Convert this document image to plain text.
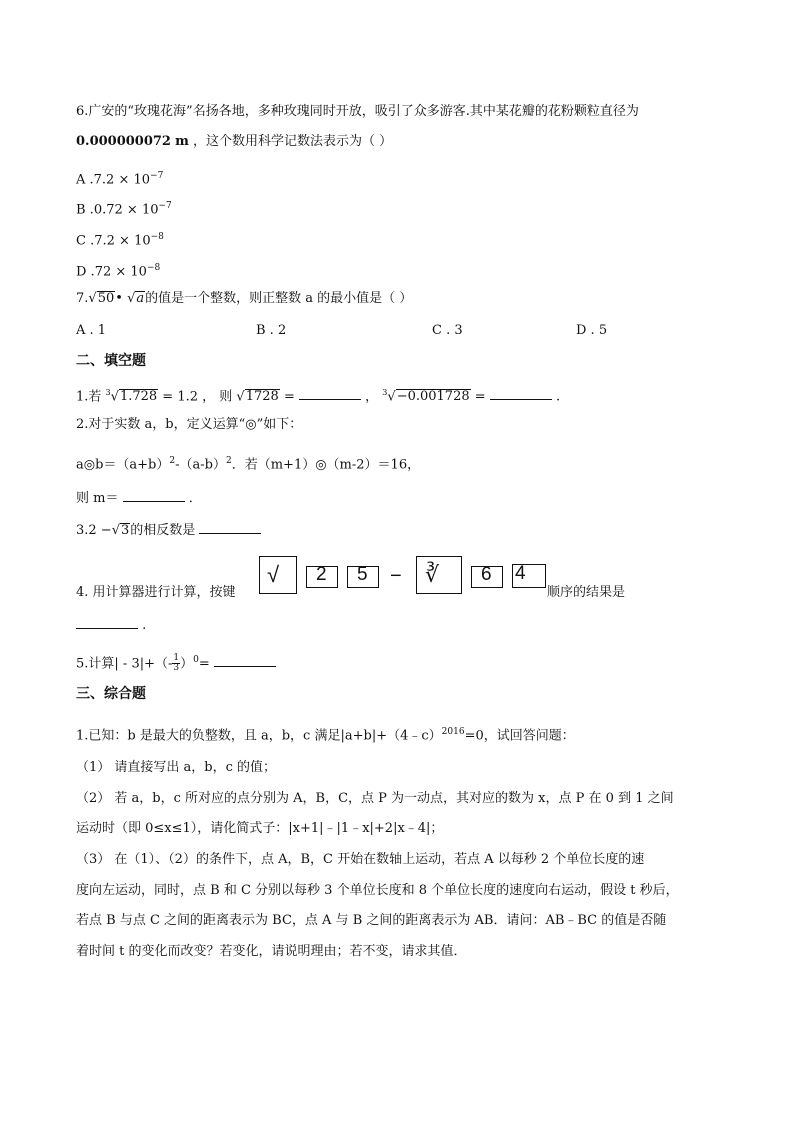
6.广安的“玫瑰花海”名扬各地，多种玫瑰同时开放，吸引了众多游客.其中某花瓣的花粉颗粒直径为
0.000000072 m ，这个数用科学记数法表示为（ ）
A $.7.2 \times 10^{-7}$
B $.0.72 \times 10^{-7}$
C $.7.2 \times 10^{-8}$
D $.72 \times 10^{-8}$
7.√50• √a的值是一个整数，则正整数 a 的最小值是（ ）
A . 1	B . 2	C . 3	D . 5
二、填空题
1.若 $^3$√1.728 = 1.2 ， 则 √1728 =	， $^3$√−0.001728 =	.
2.对于实数 a，b，定义运算“◎”如下：
$a◎b=(a+b)^2-(a-b)^2$．若（m+1）◎（m-2）＝16，
则 m＝	．
3.2 −√3的相反数是
4. 用计算器进行计算，按键
√ 2 5 − ∛ 6 4
顺序的结果是
.
5.计算| - $3|+(- \frac{1}{3} )^0=$
三、综合题
1.已知：b 是最大的负整数，且 a，b，c 满足|a+b|+（4﹣c）$^{2016}$=0，试回答问题：
（1） 请直接写出 a，b，c 的值；
（2） 若 a，b，c 所对应的点分别为 A，B，C，点 P 为一动点，其对应的数为 x，点 P 在 0 到 1 之间
运动时（即 0≤x≤1），请化简式子：|x+1|﹣|1﹣x|+2|x﹣4|；
（3） 在（1）、（2）的条件下，点 A，B，C 开始在数轴上运动，若点 A 以每秒 2 个单位长度的速
度向左运动，同时，点 B 和 C 分别以每秒 3 个单位长度和 8 个单位长度的速度向右运动，假设 t 秒后，
若点 B 与点 C 之间的距离表示为 BC，点 A 与 B 之间的距离表示为 AB．请问：AB﹣BC 的值是否随
着时间 t 的变化而改变？若变化，请说明理由；若不变，请求其值．
